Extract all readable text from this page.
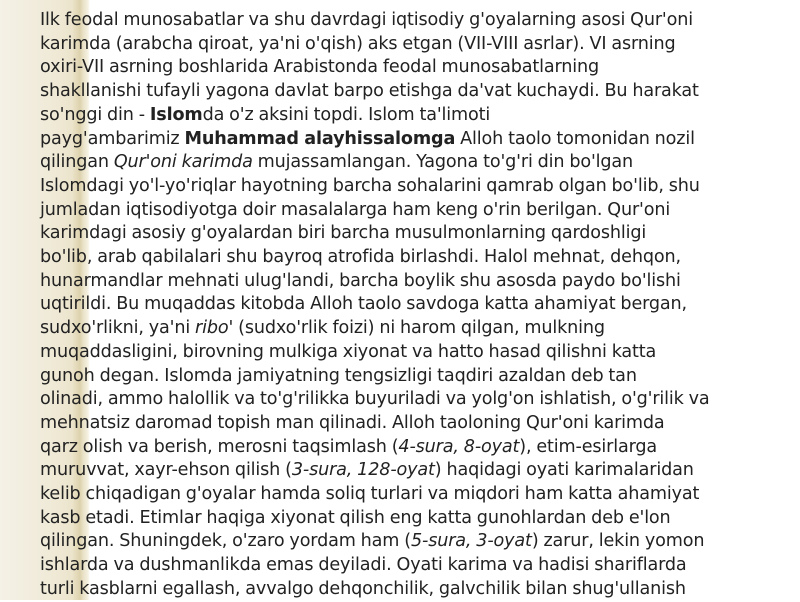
Ilk feodal munosabatlar va shu davrdagi iqtisodiy g'oyalarning asosi Qur'oni
karimda (arabcha qiroat, ya'ni o'qish) aks etgan (VII-VIII asrlar). VI asrning
oxiri-VII asrning boshlarida Arabistonda feodal munosabatlarning
shakllanishi tufayli yagona davlat barpo etishga da'vat kuchaydi. Bu harakat
so'nggi din - Islomda o'z aksini topdi. Islom ta'limoti
payg'ambarimiz Muhammad alayhissalomga Alloh taolo tomonidan nozil
qilingan Qur'oni karimda mujassamlangan. Yagona to'g'ri din bo'lgan
Islomdagi yo'l-yo'riqlar hayotning barcha sohalarini qamrab olgan bo'lib, shu
jumladan iqtisodiyotga doir masalalarga ham keng o'rin berilgan. Qur'oni
karimdagi asosiy g'oyalardan biri barcha musulmonlarning qardoshligi
bo'lib, arab qabilalari shu bayroq atrofida birlashdi. Halol mehnat, dehqon,
hunarmandlar mehnati ulug'landi, barcha boylik shu asosda paydo bo'lishi
uqtirildi. Bu muqaddas kitobda Alloh taolo savdoga katta ahamiyat bergan,
sudxo'rlikni, ya'ni ribo' (sudxo'rlik foizi) ni harom qilgan, mulkning
muqaddasligini, birovning mulkiga xiyonat va hatto hasad qilishni katta
gunoh degan. Islomda jamiyatning tengsizligi taqdiri azaldan deb tan
olinadi, ammo halollik va to'g'rilikka buyuriladi va yolg'on ishlatish, o'g'rilik va
mehnatsiz daromad topish man qilinadi. Alloh taoloning Qur'oni karimda
qarz olish va berish, merosni taqsimlash (4-sura, 8-oyat), etim-esirlarga
muruvvat, xayr-ehson qilish (3-sura, 128-oyat) haqidagi oyati karimalaridan
kelib chiqadigan g'oyalar hamda soliq turlari va miqdori ham katta ahamiyat
kasb etadi. Etimlar haqiga xiyonat qilish eng katta gunohlardan deb e'lon
qilingan. Shuningdek, o'zaro yordam ham (5-sura, 3-oyat) zarur, lekin yomon
ishlarda va dushmanlikda emas deyiladi. Oyati karima va hadisi shariflarda
turli kasblarni egallash, avvalgo dehqonchilik, galvchilik bilan shug'ullanish
